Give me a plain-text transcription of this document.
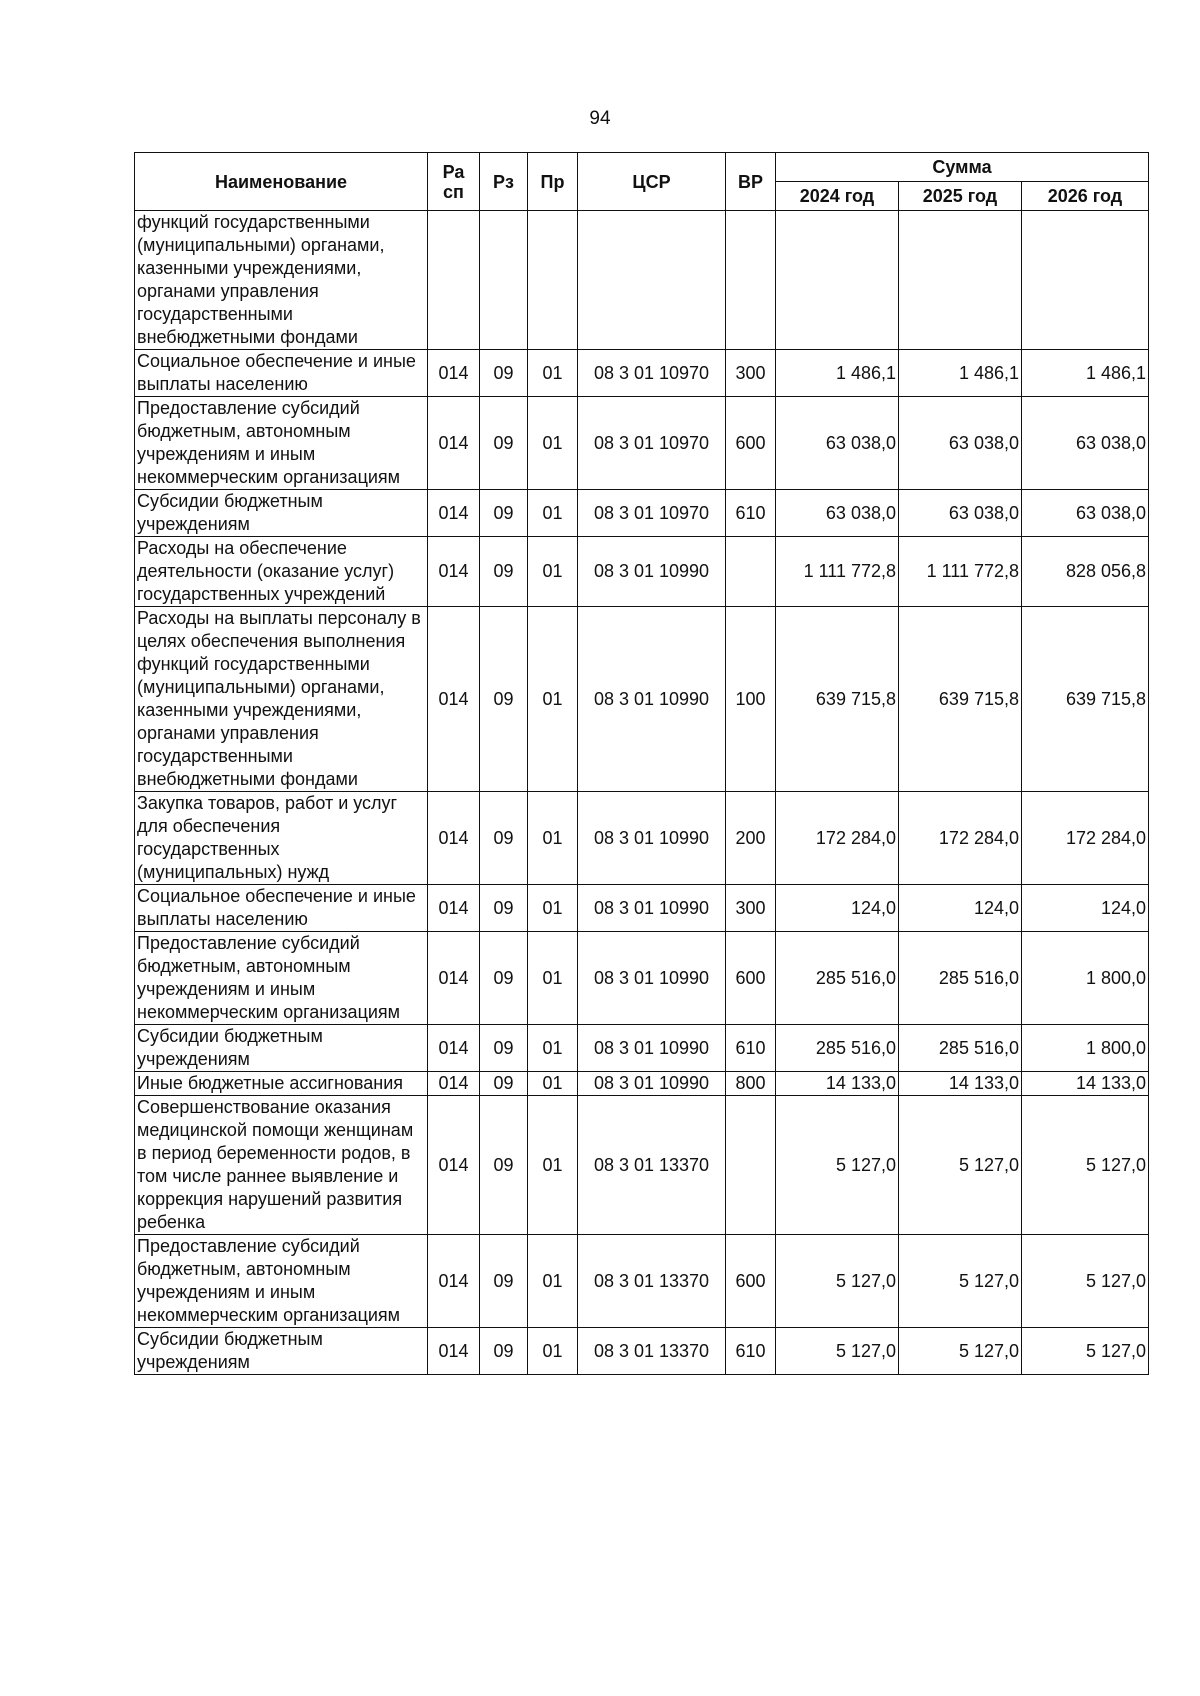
94
Наименование	Ра сп	Рз	Пр	ЦСР	ВР	Сумма		
						2024 год	2025 год	2026 год
функций государственными (муниципальными) органами, казенными учреждениями, органами управления государственными внебюджетными фондами								
Социальное обеспечение и иные выплаты населению	014	09	01	08 3 01 10970	300	1 486,1	1 486,1	1 486,1
Предоставление субсидий бюджетным, автономным учреждениям и иным некоммерческим организациям	014	09	01	08 3 01 10970	600	63 038,0	63 038,0	63 038,0
Субсидии бюджетным учреждениям	014	09	01	08 3 01 10970	610	63 038,0	63 038,0	63 038,0
Расходы на обеспечение деятельности (оказание услуг) государственных учреждений	014	09	01	08 3 01 10990		1 111 772,8	1 111 772,8	828 056,8
Расходы на выплаты персоналу в целях обеспечения выполнения функций государственными (муниципальными) органами, казенными учреждениями, органами управления государственными внебюджетными фондами	014	09	01	08 3 01 10990	100	639 715,8	639 715,8	639 715,8
Закупка товаров, работ и услуг для обеспечения государственных (муниципальных) нужд	014	09	01	08 3 01 10990	200	172 284,0	172 284,0	172 284,0
Социальное обеспечение и иные выплаты населению	014	09	01	08 3 01 10990	300	124,0	124,0	124,0
Предоставление субсидий бюджетным, автономным учреждениям и иным некоммерческим организациям	014	09	01	08 3 01 10990	600	285 516,0	285 516,0	1 800,0
Субсидии бюджетным учреждениям	014	09	01	08 3 01 10990	610	285 516,0	285 516,0	1 800,0
Иные бюджетные ассигнования	014	09	01	08 3 01 10990	800	14 133,0	14 133,0	14 133,0
Совершенствование оказания медицинской помощи женщинам в период беременности родов, в том числе раннее выявление и коррекция нарушений развития ребенка	014	09	01	08 3 01 13370		5 127,0	5 127,0	5 127,0
Предоставление субсидий бюджетным, автономным учреждениям и иным некоммерческим организациям	014	09	01	08 3 01 13370	600	5 127,0	5 127,0	5 127,0
Субсидии бюджетным учреждениям	014	09	01	08 3 01 13370	610	5 127,0	5 127,0	5 127,0
